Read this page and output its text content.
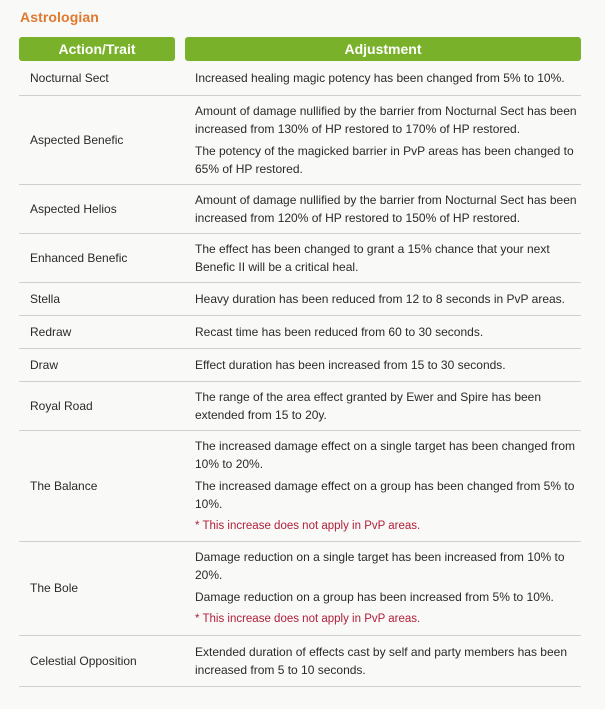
Astrologian
Action/Trait	Adjustment
Nocturnal Sect	Increased healing magic potency has been changed from 5% to 10%.

Aspected Benefic	Amount of damage nullified by the barrier from Nocturnal Sect has been increased from 130% of HP restored to 170% of HP restored.

The potency of the magicked barrier in PvP areas has been changed to 65% of HP restored.

Aspected Helios	Amount of damage nullified by the barrier from Nocturnal Sect has been increased from 120% of HP restored to 150% of HP restored.

Enhanced Benefic	The effect has been changed to grant a 15% chance that your next Benefic II will be a critical heal.

Stella	Heavy duration has been reduced from 12 to 8 seconds in PvP areas.

Redraw	Recast time has been reduced from 60 to 30 seconds.

Draw	Effect duration has been increased from 15 to 30 seconds.

Royal Road	The range of the area effect granted by Ewer and Spire has been extended from 15 to 20y.

The Balance	The increased damage effect on a single target has been changed from 10% to 20%.

The increased damage effect on a group has been changed from 5% to 10%.

* This increase does not apply in PvP areas.

The Bole	Damage reduction on a single target has been increased from 10% to 20%.

Damage reduction on a group has been increased from 5% to 10%.

* This increase does not apply in PvP areas.

Celestial Opposition	Extended duration of effects cast by self and party members has been increased from 5 to 10 seconds.
